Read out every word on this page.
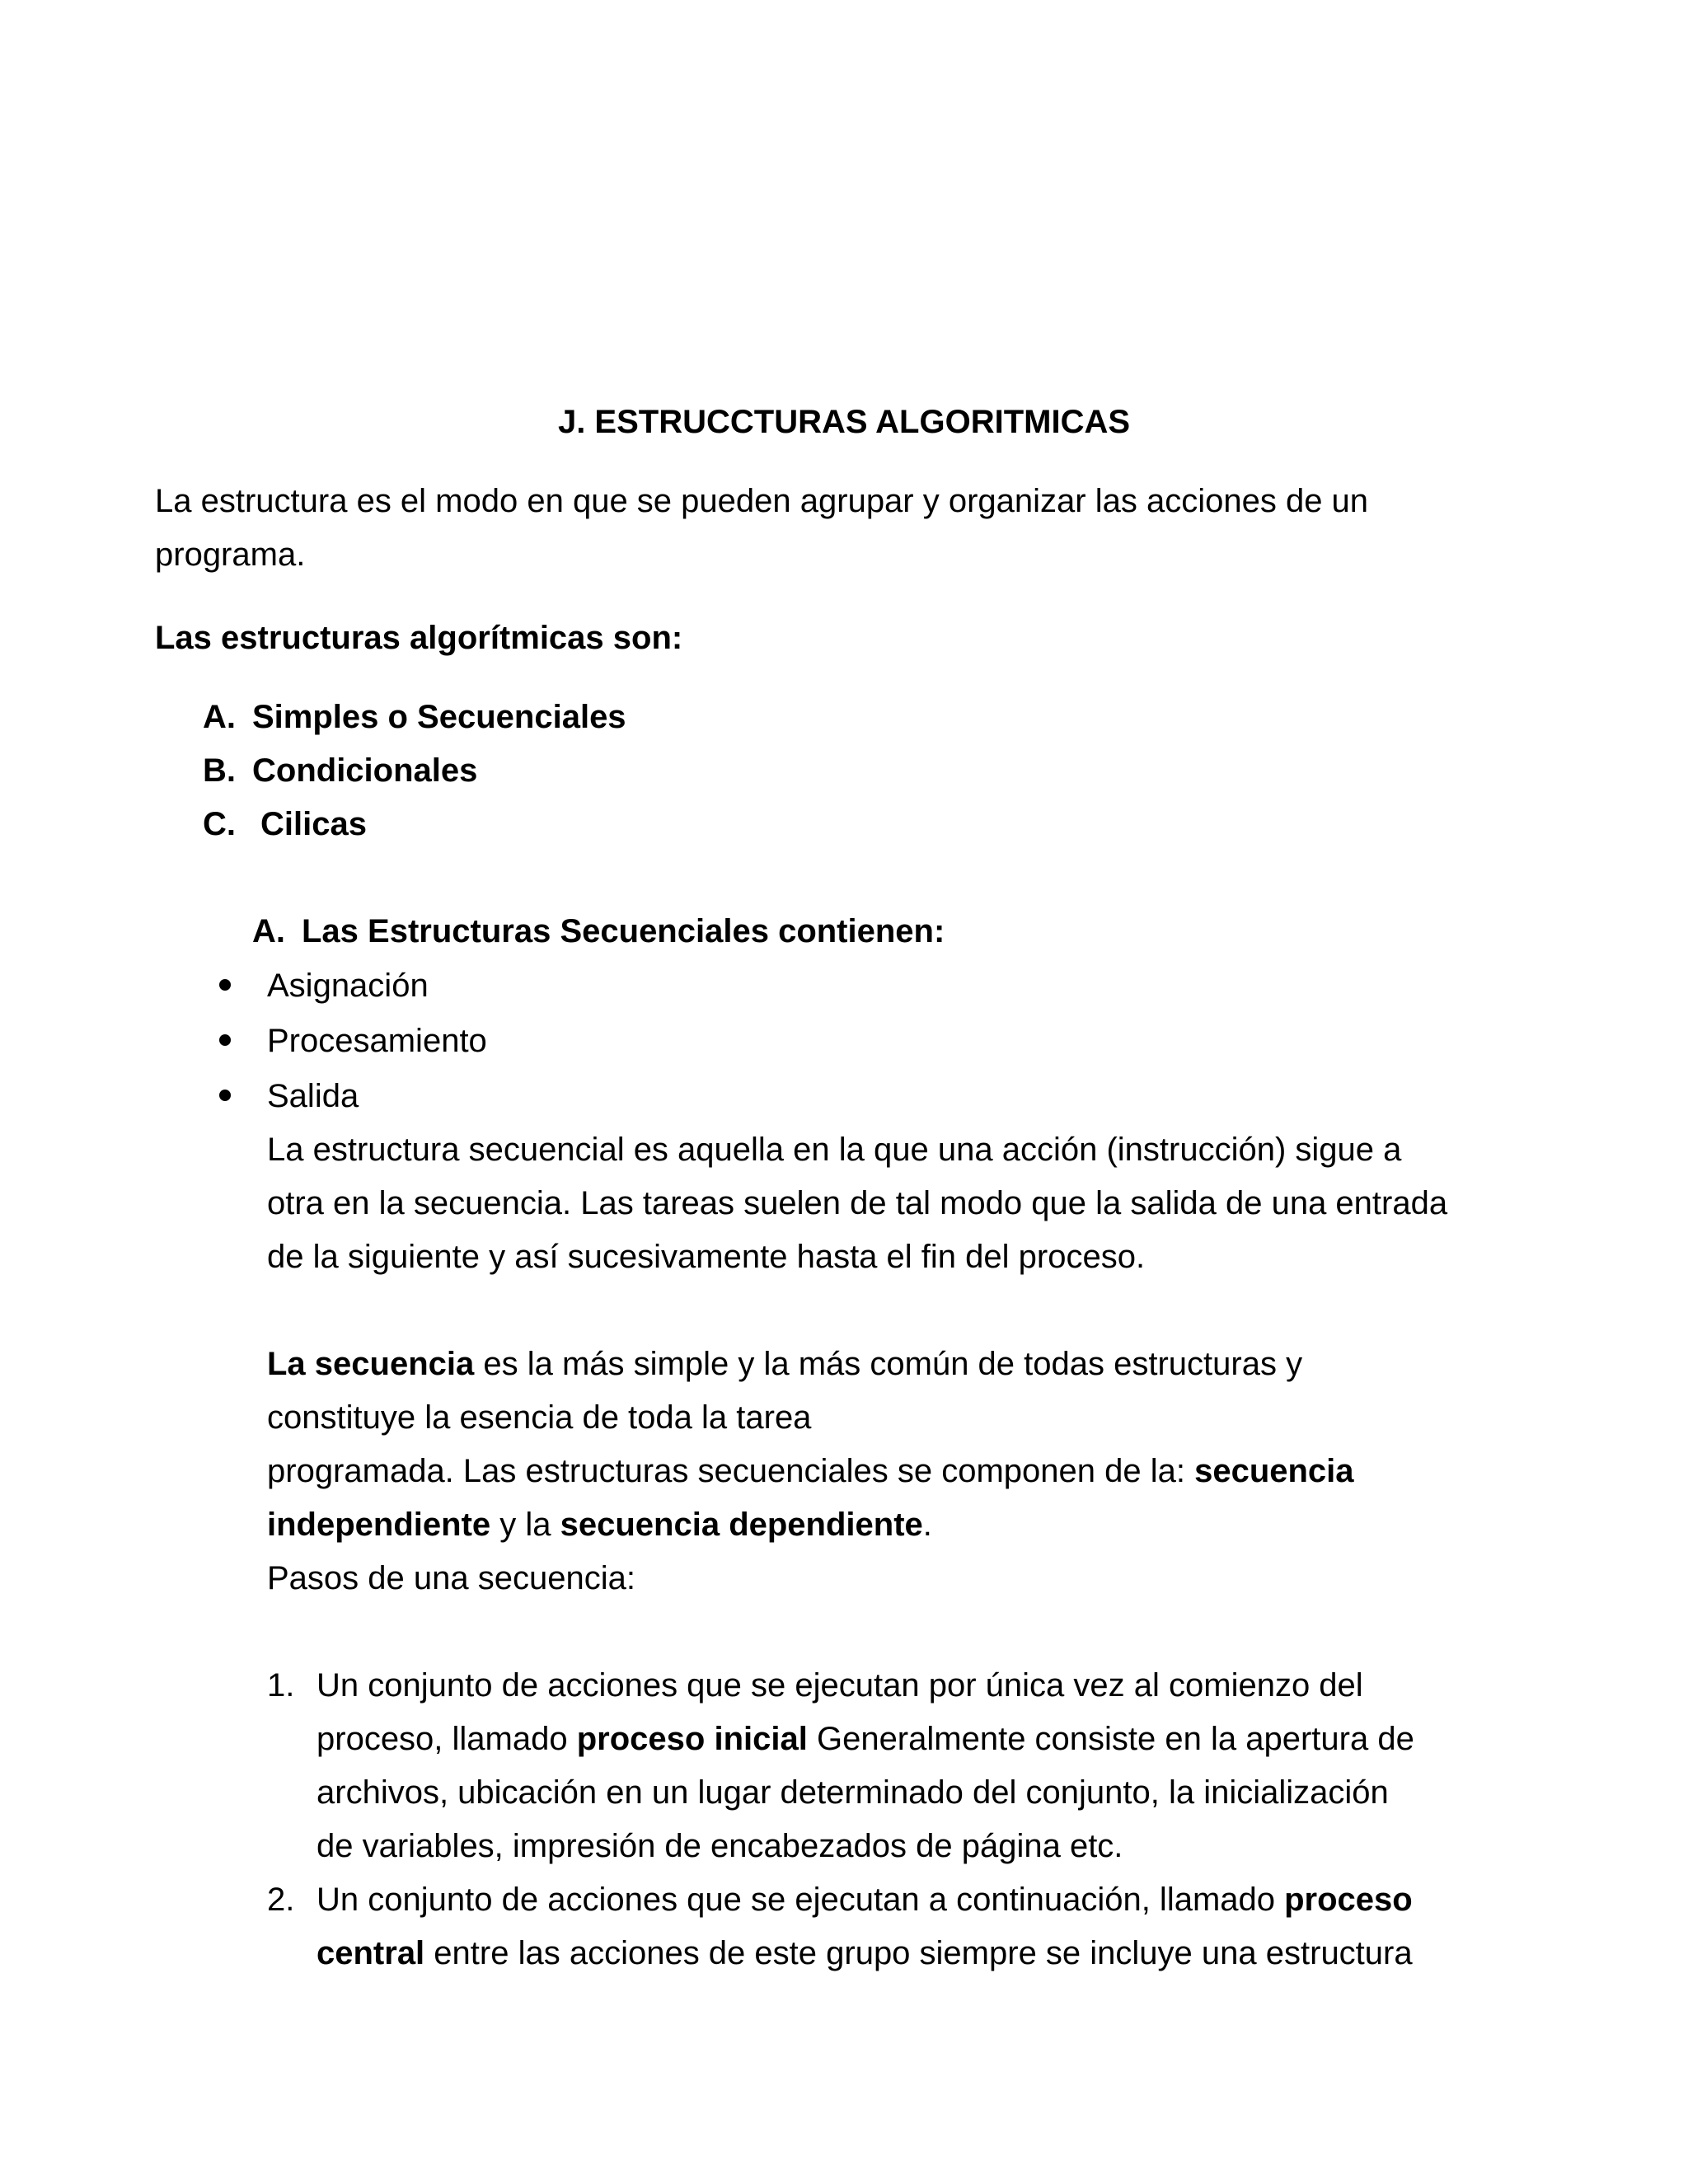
J. ESTRUCCTURAS ALGORITMICAS
La estructura es el modo en que se pueden agrupar y organizar las acciones de un
programa.
Las estructuras algorítmicas son:
A. Simples o Secuenciales
B. Condicionales
C. Cilicas
A. Las Estructuras Secuenciales contienen:
Asignación
Procesamiento
Salida
La estructura secuencial es aquella en la que una acción (instrucción) sigue a
otra en la secuencia. Las tareas suelen de tal modo que la salida de una entrada
de la siguiente y así sucesivamente hasta el fin del proceso.
La secuencia es la más simple y la más común de todas estructuras y
constituye la esencia de toda la tarea
programada. Las estructuras secuenciales se componen de la: secuencia
independiente y la secuencia dependiente.
Pasos de una secuencia:
1. Un conjunto de acciones que se ejecutan por única vez al comienzo del
proceso, llamado proceso inicial Generalmente consiste en la apertura de
archivos, ubicación en un lugar determinado del conjunto, la inicialización
de variables, impresión de encabezados de página etc.
2. Un conjunto de acciones que se ejecutan a continuación, llamado proceso
central entre las acciones de este grupo siempre se incluye una estructura
